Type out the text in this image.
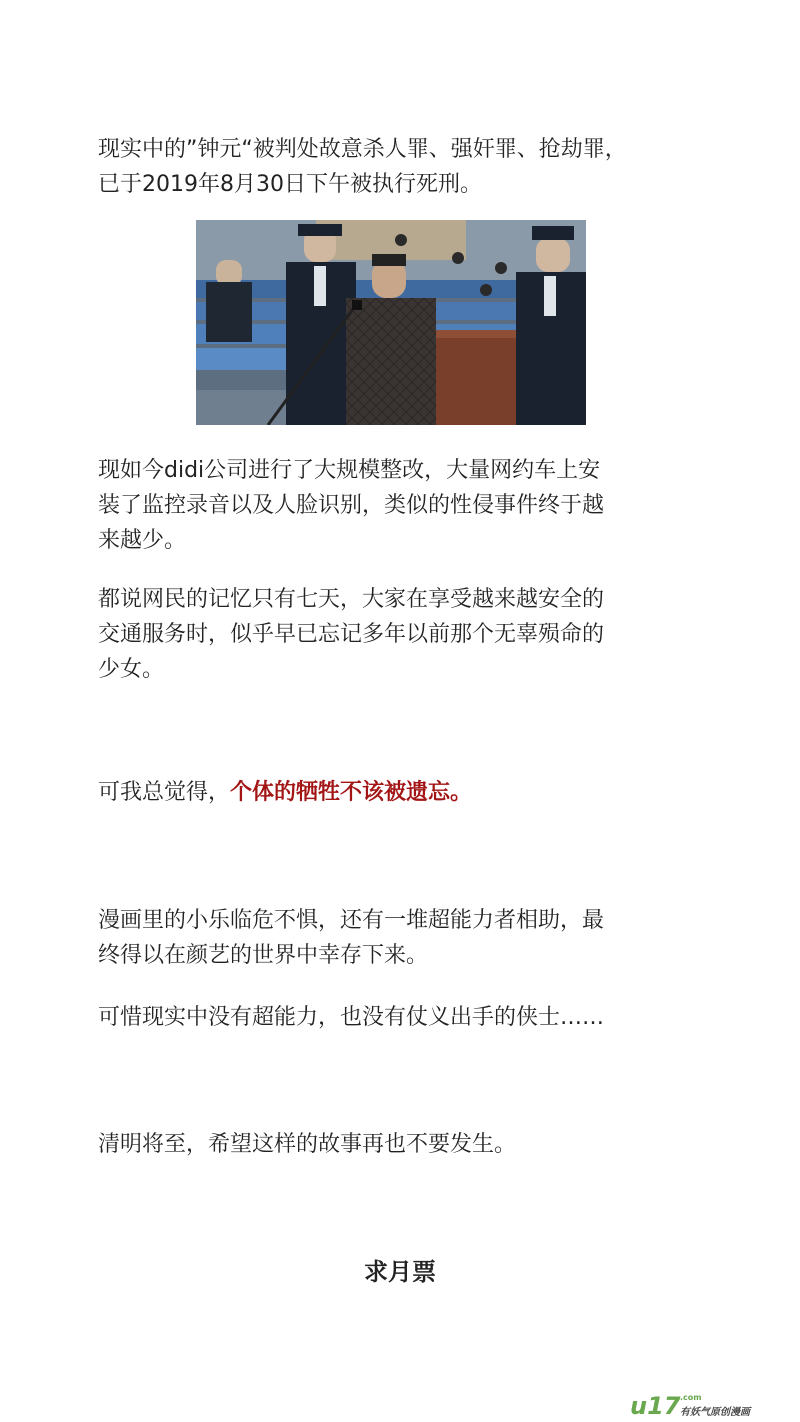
现实中的”钟元“被判处故意杀人罪、强奸罪、抢劫罪，

已于2019年8月30日下午被执行死刑。

现如今didi公司进行了大规模整改，大量网约车上安

装了监控录音以及人脸识别，类似的性侵事件终于越

来越少。

都说网民的记忆只有七天，大家在享受越来越安全的

交通服务时，似乎早已忘记多年以前那个无辜殒命的

少女。

可我总觉得，个体的牺牲不该被遗忘。

漫画里的小乐临危不惧，还有一堆超能力者相助，最

终得以在颜艺的世界中幸存下来。

可惜现实中没有超能力，也没有仗义出手的侠士……

清明将至，希望这样的故事再也不要发生。

求月票
u17 .com
有妖气原创漫画
